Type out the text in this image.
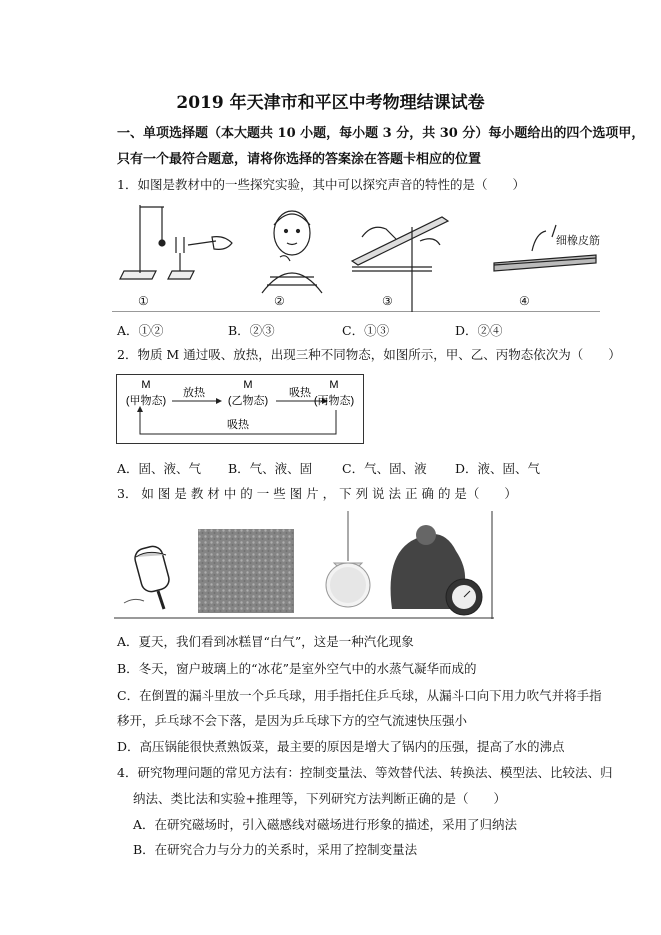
2019 年天津市和平区中考物理结课试卷
一、单项选择题（本大题共 10 小题，每小题 3 分，共 30 分）每小题给出的四个选项甲，
只有一个最符合题意，请将你选择的答案涂在答题卡相应的位置
1．如图是教材中的一些探究实验，其中可以探究声音的特性的是（　　）
①	②	③	④
细橡皮筋
A．①②	B．②③	C．①③	D．②④
2．物质 M 通过吸、放热，出现三种不同物态，如图所示，甲、乙、丙物态依次为（　　）
M
(甲物态)
M
(乙物态)
M
(丙物态)
放热	吸热
吸热
A．固、液、气 B．气、液、固 C．气、固、液 D．液、固、气
3． 如 图 是 教 材 中 的 一 些 图 片 ， 下 列 说 法 正 确 的 是（　　）
A．夏天，我们看到冰糕冒“白气”，这是一种汽化现象
B．冬天，窗户玻璃上的“冰花”是室外空气中的水蒸气凝华而成的
C．在倒置的漏斗里放一个乒乓球，用手指托住乒乓球，从漏斗口向下用力吹气并将手指
移开，乒乓球不会下落，是因为乒乓球下方的空气流速快压强小
D．高压锅能很快煮熟饭菜，最主要的原因是增大了锅内的压强，提高了水的沸点
4．研究物理问题的常见方法有：控制变量法、等效替代法、转换法、模型法、比较法、归
纳法、类比法和实验+推理等，下列研究方法判断正确的是（　　）
A．在研究磁场时，引入磁感线对磁场进行形象的描述，采用了归纳法
B．在研究合力与分力的关系时，采用了控制变量法
